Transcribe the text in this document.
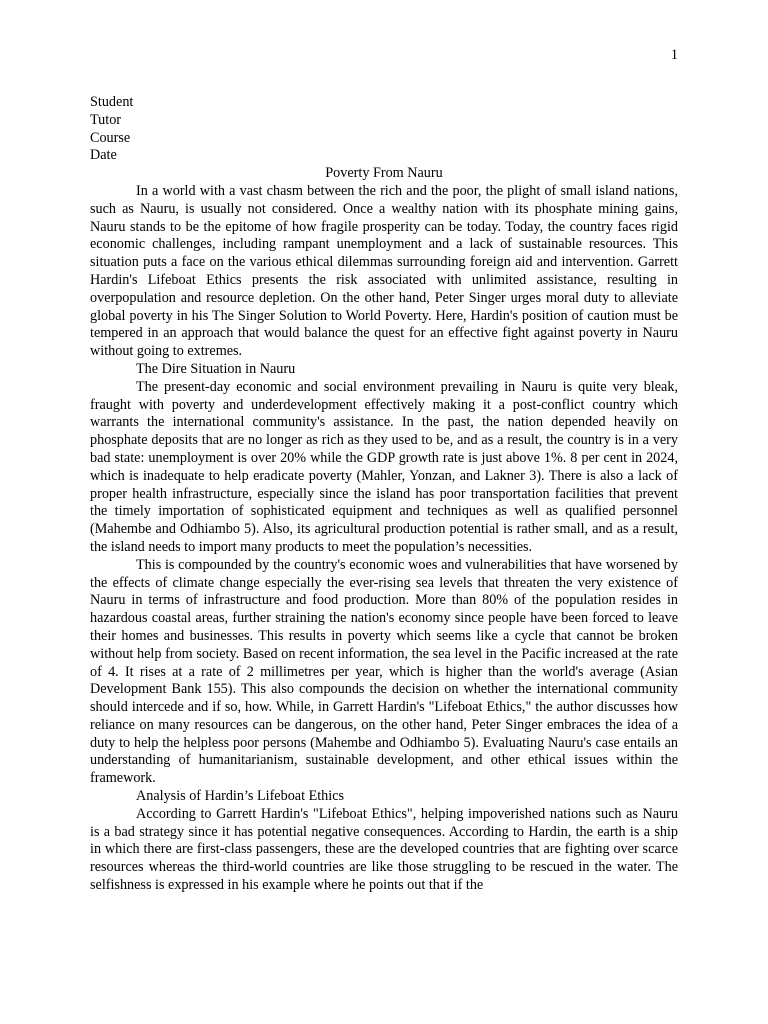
1
Student
Tutor
Course
Date
Poverty From Nauru

In a world with a vast chasm between the rich and the poor, the plight of small island nations, such as Nauru, is usually not considered. Once a wealthy nation with its phosphate mining gains, Nauru stands to be the epitome of how fragile prosperity can be today. Today, the country faces rigid economic challenges, including rampant unemployment and a lack of sustainable resources. This situation puts a face on the various ethical dilemmas surrounding foreign aid and intervention. Garrett Hardin's Lifeboat Ethics presents the risk associated with unlimited assistance, resulting in overpopulation and resource depletion. On the other hand, Peter Singer urges moral duty to alleviate global poverty in his The Singer Solution to World Poverty. Here, Hardin's position of caution must be tempered in an approach that would balance the quest for an effective fight against poverty in Nauru without going to extremes.

The Dire Situation in Nauru

The present-day economic and social environment prevailing in Nauru is quite very bleak, fraught with poverty and underdevelopment effectively making it a post-conflict country which warrants the international community's assistance. In the past, the nation depended heavily on phosphate deposits that are no longer as rich as they used to be, and as a result, the country is in a very bad state: unemployment is over 20% while the GDP growth rate is just above 1%. 8 per cent in 2024, which is inadequate to help eradicate poverty (Mahler, Yonzan, and Lakner 3). There is also a lack of proper health infrastructure, especially since the island has poor transportation facilities that prevent the timely importation of sophisticated equipment and techniques as well as qualified personnel (Mahembe and Odhiambo 5). Also, its agricultural production potential is rather small, and as a result, the island needs to import many products to meet the population’s necessities.

This is compounded by the country's economic woes and vulnerabilities that have worsened by the effects of climate change especially the ever-rising sea levels that threaten the very existence of Nauru in terms of infrastructure and food production. More than 80% of the population resides in hazardous coastal areas, further straining the nation's economy since people have been forced to leave their homes and businesses. This results in poverty which seems like a cycle that cannot be broken without help from society. Based on recent information, the sea level in the Pacific increased at the rate of 4. It rises at a rate of 2 millimetres per year, which is higher than the world's average (Asian Development Bank 155). This also compounds the decision on whether the international community should intercede and if so, how. While, in Garrett Hardin's "Lifeboat Ethics," the author discusses how reliance on many resources can be dangerous, on the other hand, Peter Singer embraces the idea of a duty to help the helpless poor persons (Mahembe and Odhiambo 5). Evaluating Nauru's case entails an understanding of humanitarianism, sustainable development, and other ethical issues within the framework.

Analysis of Hardin’s Lifeboat Ethics

According to Garrett Hardin's "Lifeboat Ethics", helping impoverished nations such as Nauru is a bad strategy since it has potential negative consequences. According to Hardin, the earth is a ship in which there are first-class passengers, these are the developed countries that are fighting over scarce resources whereas the third-world countries are like those struggling to be rescued in the water. The selfishness is expressed in his example where he points out that if the
